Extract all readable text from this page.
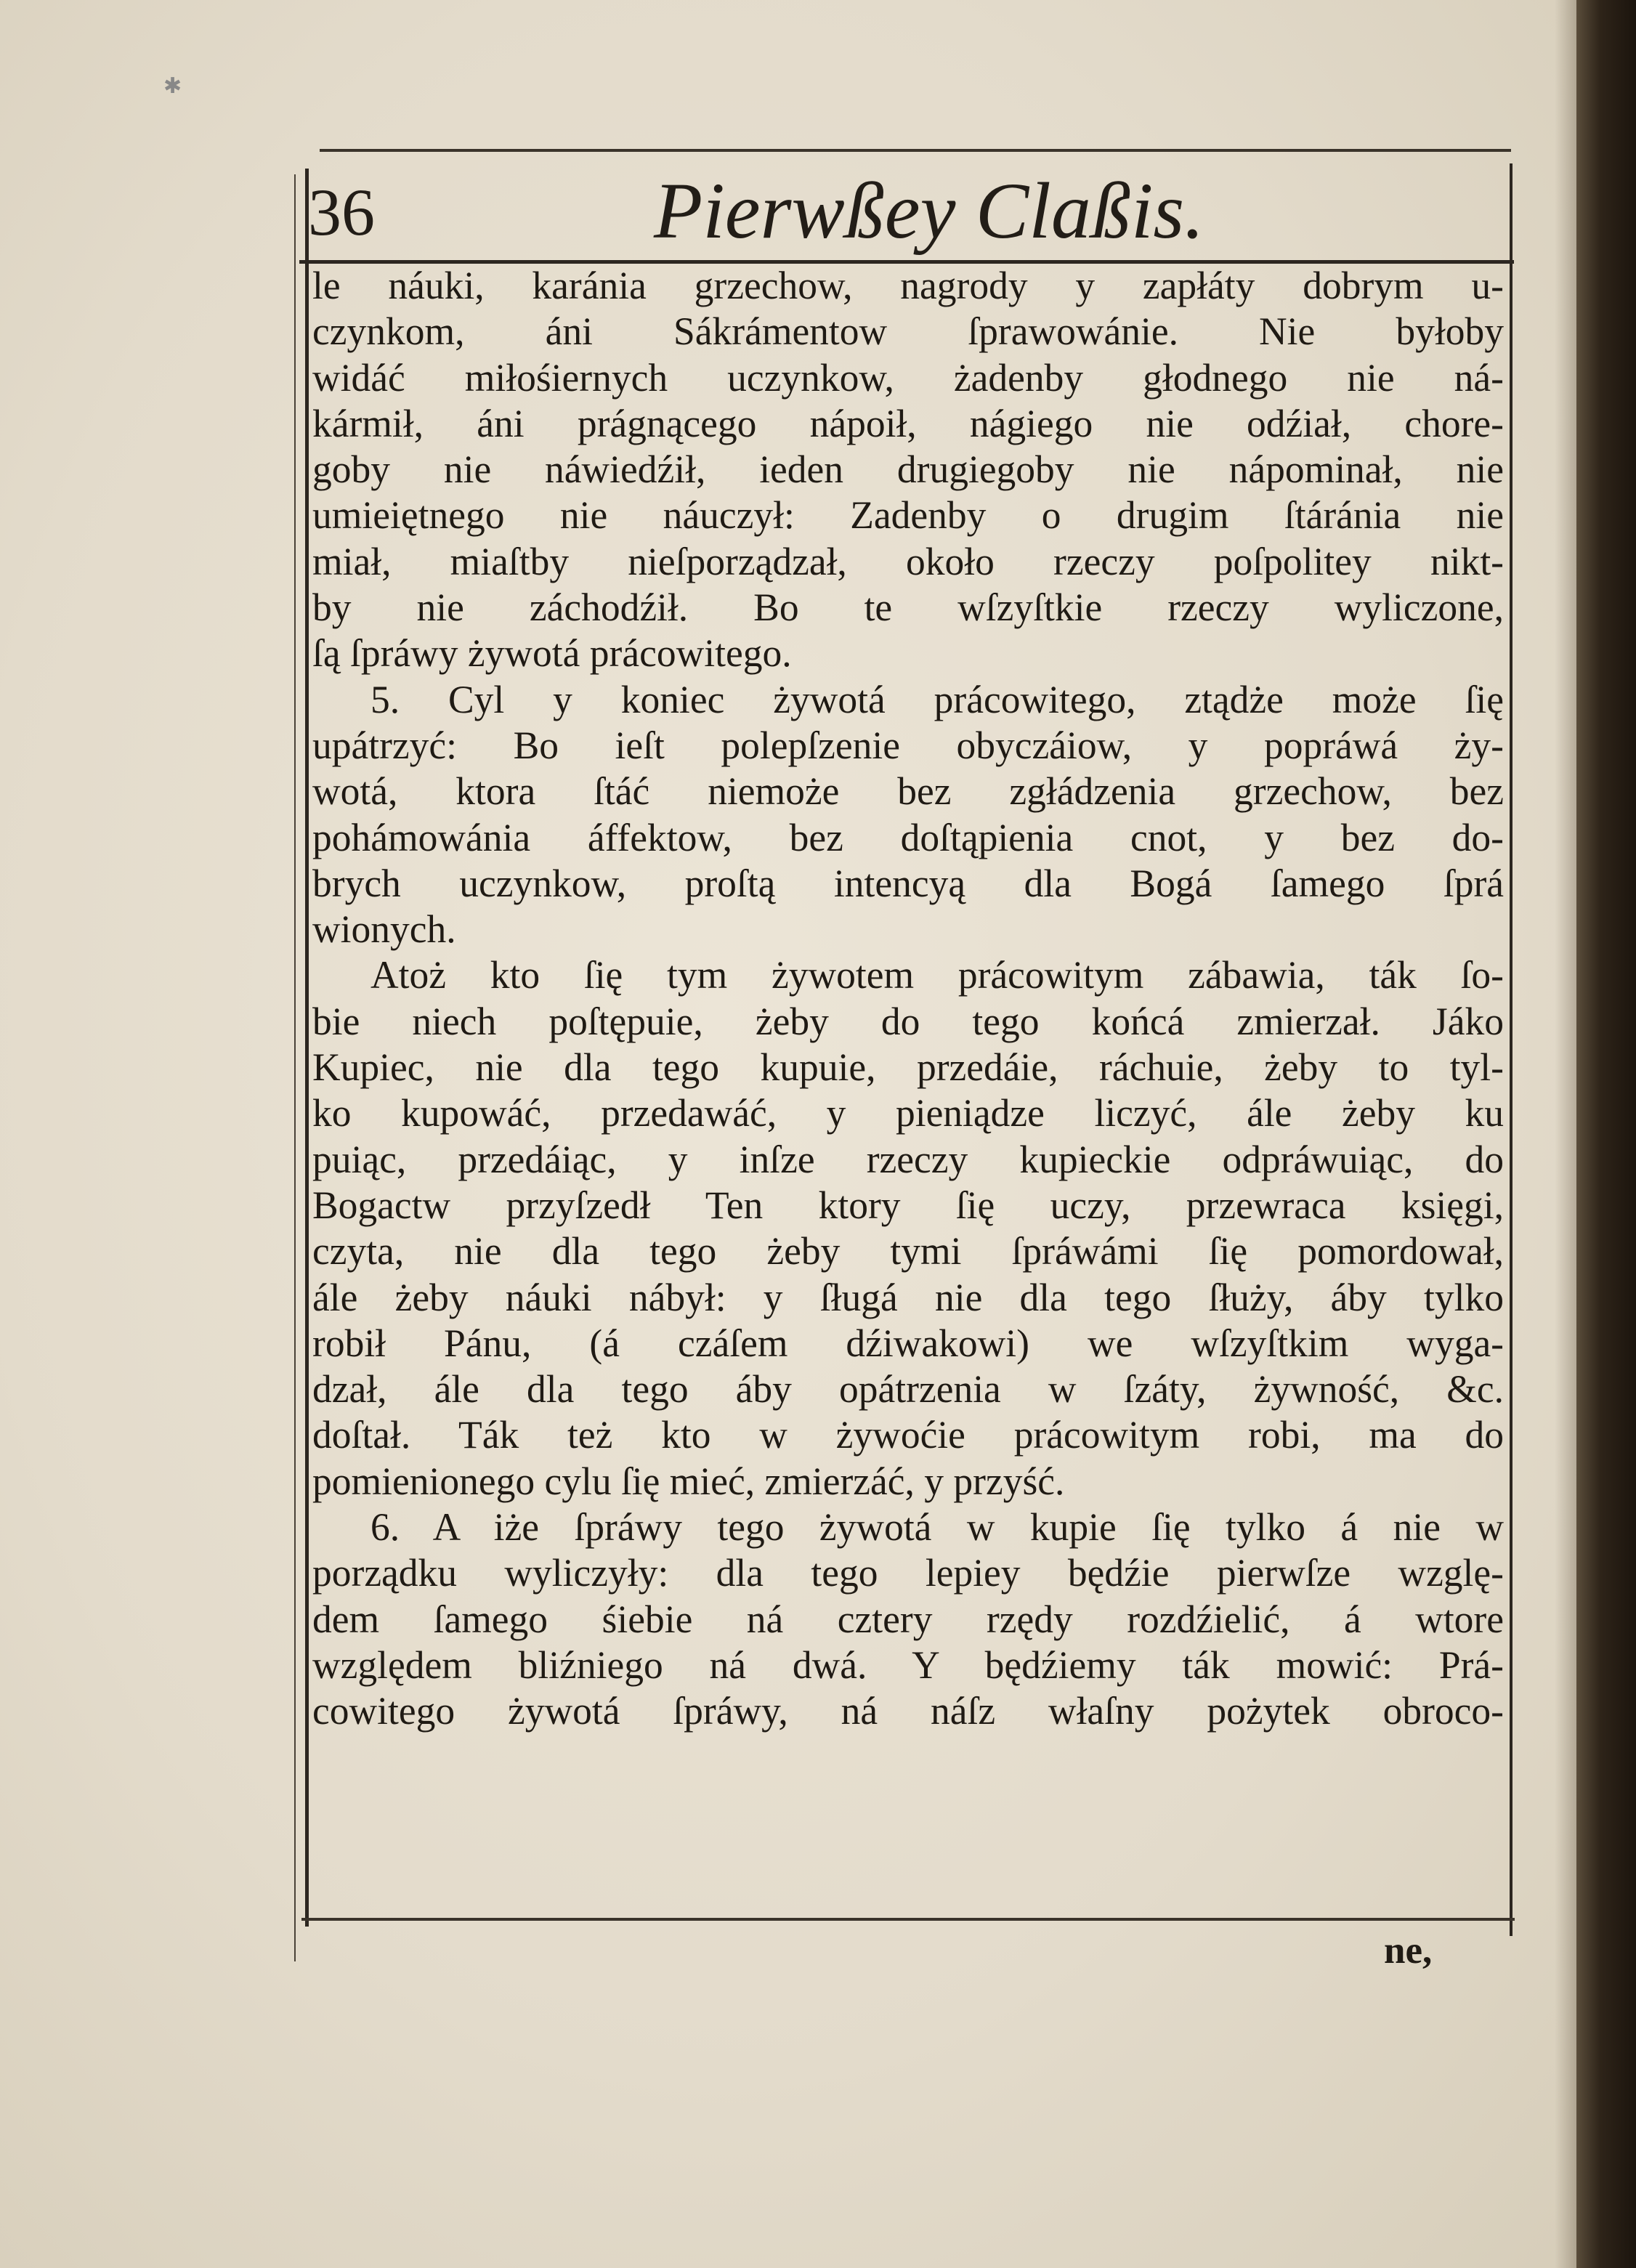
✱
36	Pierwßey Claßis.
le náuki, karánia grzechow, nagrody y zapłáty dobrym u-
czynkom, áni Sákrámentow ſprawowánie. Nie byłoby
widáć miłośiernych uczynkow, żadenby głodnego nie ná-
kármił, áni prágnącego nápoił, nágiego nie odźiał, chore-
goby nie náwiedźił, ieden drugiegoby nie nápominał, nie
umieiętnego nie náuczył: Zadenby o drugim ſtáránia nie
miał, miaſtby nieſporządzał, około rzeczy poſpolitey nikt-
by nie záchodźił. Bo te wſzyſtkie rzeczy wyliczone,
ſą ſpráwy żywotá prácowitego.
5. Cyl y koniec żywotá prácowitego, ztądże może ſię
upátrzyć: Bo ieſt polepſzenie obyczáiow, y popráwá ży-
wotá, ktora ſtáć niemoże bez zgłádzenia grzechow, bez
pohámowánia áffektow, bez doſtąpienia cnot, y bez do-
brych uczynkow, proſtą intencyą dla Bogá ſamego ſprá
wionych.
Atoż kto ſię tym żywotem prácowitym zábawia, ták ſo-
bie niech poſtępuie, żeby do tego końcá zmierzał. Jáko
Kupiec, nie dla tego kupuie, przedáie, ráchuie, żeby to tyl-
ko kupowáć, przedawáć, y pieniądze liczyć, ále żeby ku
puiąc, przedáiąc, y inſze rzeczy kupieckie odpráwuiąc, do
Bogactw przyſzedł Ten ktory ſię uczy, przewraca księgi,
czyta, nie dla tego żeby tymi ſpráwámi ſię pomordował,
ále żeby náuki nábył: y ſługá nie dla tego ſłuży, áby tylko
robił Pánu, (á czáſem dźiwakowi) we wſzyſtkim wyga-
dzał, ále dla tego áby opátrzenia w ſzáty, żywność, &c.
doſtał. Ták też kto w żywoćie prácowitym robi, ma do
pomienionego cylu ſię mieć, zmierzáć, y przyść.
6. A iże ſpráwy tego żywotá w kupie ſię tylko á nie w
porządku wyliczyły: dla tego lepiey będźie pierwſze wzglę-
dem ſamego śiebie ná cztery rzędy rozdźielić, á wtore
względem bliźniego ná dwá. Y będźiemy ták mowić: Prá-
cowitego żywotá ſpráwy, ná náſz właſny pożytek obroco-
ne,
